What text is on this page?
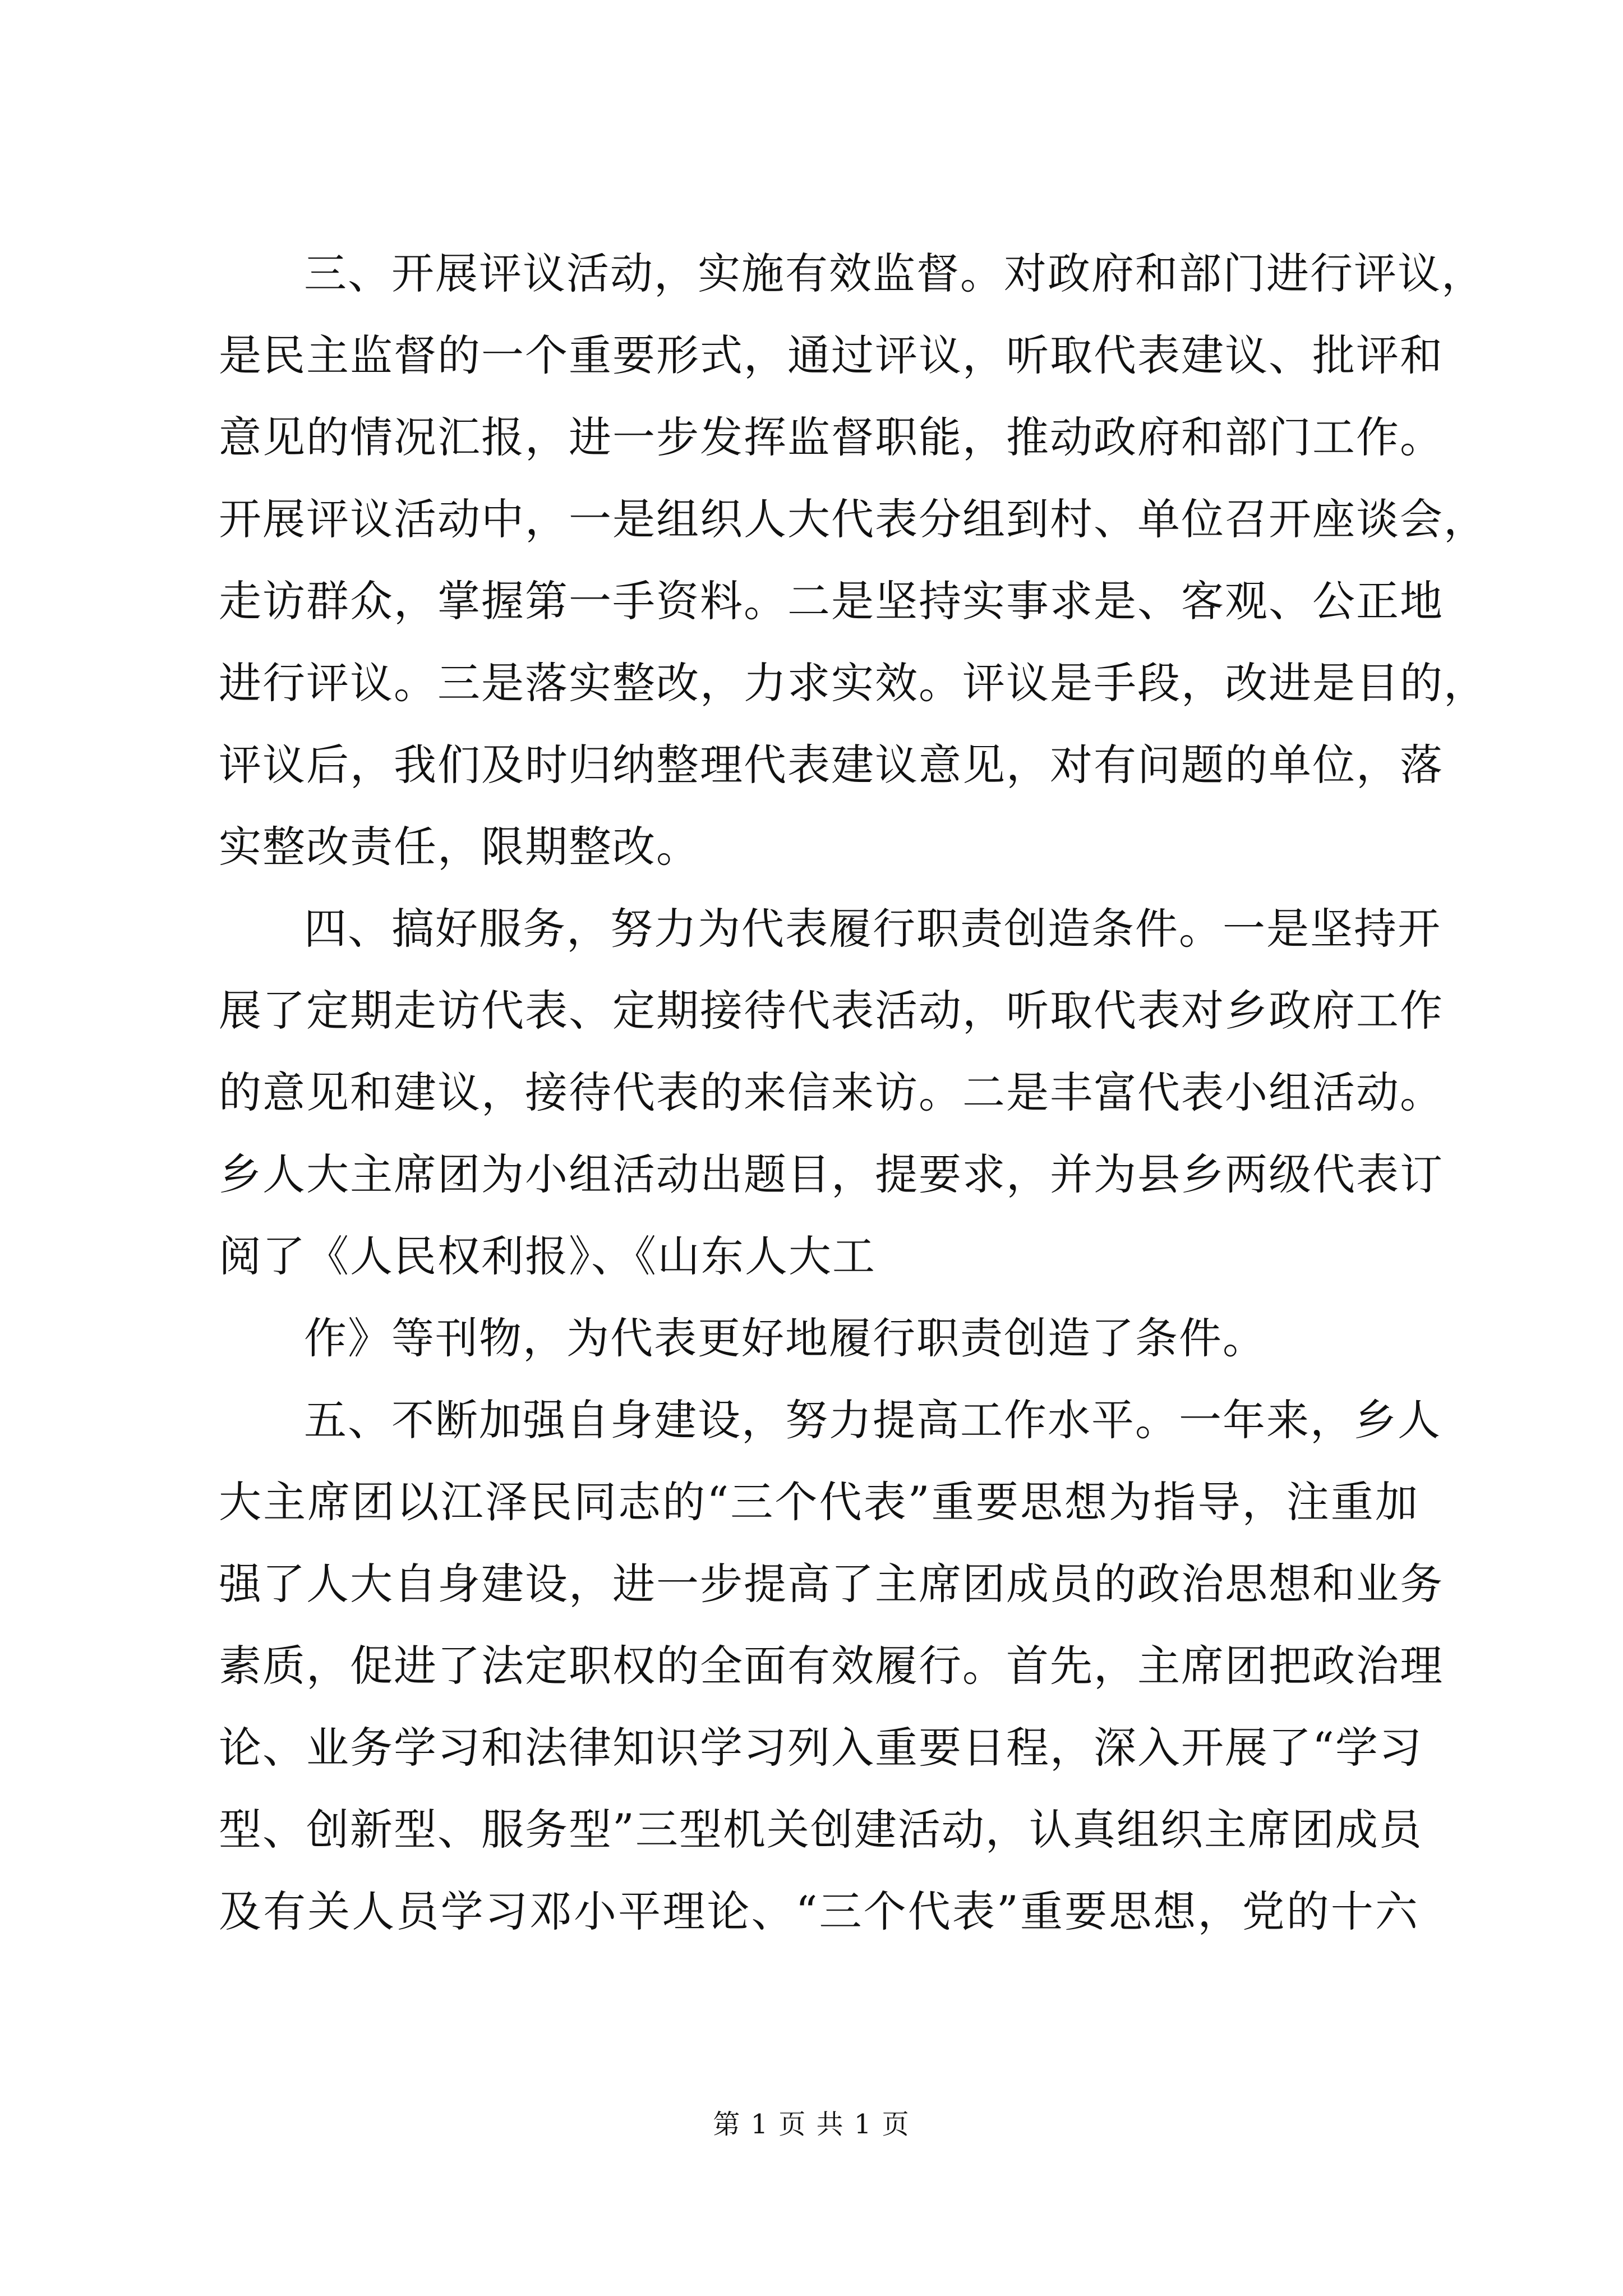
三、开展评议活动，实施有效监督。对政府和部门进行评议，
是民主监督的一个重要形式，通过评议，听取代表建议、批评和
意见的情况汇报，进一步发挥监督职能，推动政府和部门工作。
开展评议活动中，一是组织人大代表分组到村、单位召开座谈会，
走访群众，掌握第一手资料。二是坚持实事求是、客观、公正地
进行评议。三是落实整改，力求实效。评议是手段，改进是目的，
评议后，我们及时归纳整理代表建议意见，对有问题的单位，落
实整改责任，限期整改。
四、搞好服务，努力为代表履行职责创造条件。一是坚持开
展了定期走访代表、定期接待代表活动，听取代表对乡政府工作
的意见和建议，接待代表的来信来访。二是丰富代表小组活动。
乡人大主席团为小组活动出题目，提要求，并为县乡两级代表订
阅了《人民权利报》、《山东人大工
作》等刊物，为代表更好地履行职责创造了条件。
五、不断加强自身建设，努力提高工作水平。一年来，乡人
大主席团以江泽民同志的“三个代表”重要思想为指导，注重加
强了人大自身建设，进一步提高了主席团成员的政治思想和业务
素质，促进了法定职权的全面有效履行。首先，主席团把政治理
论、业务学习和法律知识学习列入重要日程，深入开展了“学习
型、创新型、服务型”三型机关创建活动，认真组织主席团成员
及有关人员学习邓小平理论、“三个代表”重要思想，党的十六
第 1 页 共 1 页
